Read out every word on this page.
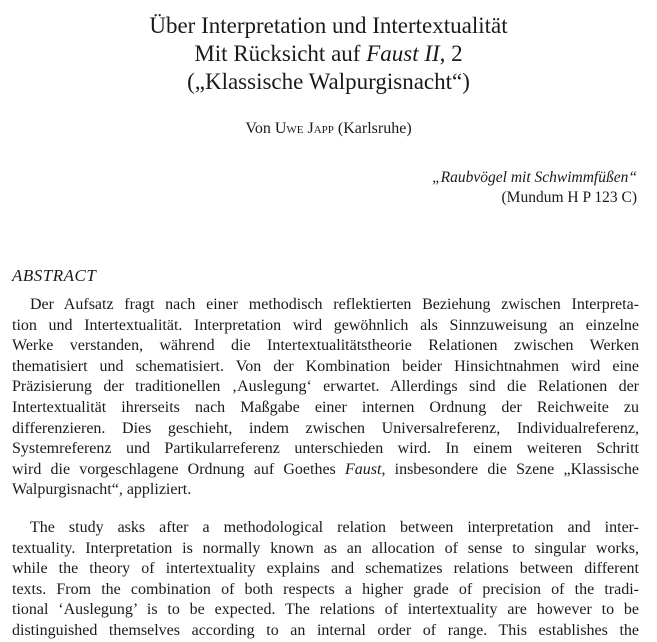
Über Interpretation und Intertextualität
Mit Rücksicht auf Faust II, 2
(„Klassische Walpurgisnacht“)
Von Uwe Japp (Karlsruhe)
„Raubvögel mit Schwimmfüßen“
(Mundum H P 123 C)
ABSTRACT
Der Aufsatz fragt nach einer methodisch reflektierten Beziehung zwischen Interpreta-
tion und Intertextualität. Interpretation wird gewöhnlich als Sinnzuweisung an einzelne
Werke verstanden, während die Intertextualitätstheorie Relationen zwischen Werken
thematisiert und schematisiert. Von der Kombination beider Hinsichtnahmen wird eine
Präzisierung der traditionellen ‚Auslegung‘ erwartet. Allerdings sind die Relationen der
Intertextualität ihrerseits nach Maßgabe einer internen Ordnung der Reichweite zu
differenzieren. Dies geschieht, indem zwischen Universalreferenz, Individualreferenz,
Systemreferenz und Partikularreferenz unterschieden wird. In einem weiteren Schritt
wird die vorgeschlagene Ordnung auf Goethes Faust, insbesondere die Szene „Klassische
Walpurgisnacht“, appliziert.
The study asks after a methodological relation between interpretation and inter-
textuality. Interpretation is normally known as an allocation of sense to singular works,
while the theory of intertextuality explains and schematizes relations between different
texts. From the combination of both respects a higher grade of precision of the tradi-
tional ‘Auslegung’ is to be expected. The relations of intertextuality are however to be
distinguished themselves according to an internal order of range. This establishes the
